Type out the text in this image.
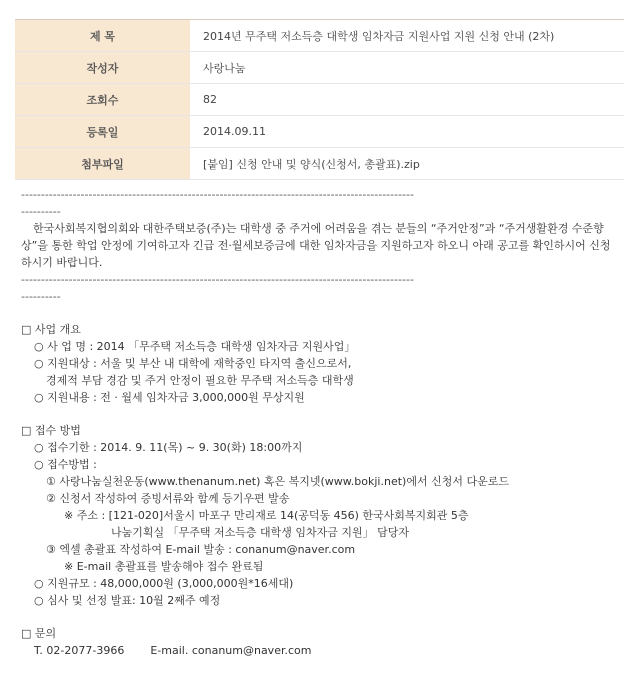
제 목	2014년 무주택 저소득층 대학생 임차자금 지원사업 지원 신청 안내 (2차)
작성자	사랑나눔
조회수	82
등록일	2014.09.11
첨부파일	[붙임] 신청 안내 및 양식(신청서, 총괄표).zip
---------------------------------------------------------------------------------------------------
----------

한국사회복지협의회와 대한주택보증(주)는 대학생 중 주거에 어려움을 겪는 분들의 “주거안정”과 “주거생활환경 수준향상”을 통한 학업 안정에 기여하고자 긴급 전·월세보증금에 대한 임차자금을 지원하고자 하오니 아래 공고를 확인하시어 신청하시기 바랍니다.

---------------------------------------------------------------------------------------------------
----------
□ 사업 개요
○ 사 업 명 : 2014 「무주택 저소득층 대학생 임차자금 지원사업」
○ 지원대상 : 서울 및 부산 내 대학에 재학중인 타지역 출신으로서,
경제적 부담 경감 및 주거 안정이 필요한 무주택 저소득층 대학생
○ 지원내용 : 전 · 월세 임차자금 3,000,000원 무상지원
□ 접수 방법
○ 접수기한 : 2014. 9. 11(목) ~ 9. 30(화) 18:00까지
○ 접수방법 :
① 사랑나눔실천운동(www.thenanum.net) 혹은 복지넷(www.bokji.net)에서 신청서 다운로드
② 신청서 작성하여 증빙서류와 함께 등기우편 발송
※ 주소 : [121-020]서울시 마포구 만리재로 14(공덕동 456) 한국사회복지회관 5층
나눔기획실 「무주택 저소득층 대학생 임차자금 지원」 담당자
③ 엑셀 총괄표 작성하여 E-mail 발송 : conanum@naver.com
※ E-mail 총괄표를 발송해야 접수 완료됨
○ 지원규모 : 48,000,000원 (3,000,000원*16세대)
○ 심사 및 선정 발표: 10월 2째주 예정
□ 문의
T. 02-2077-3966 E-mail. conanum@naver.com
